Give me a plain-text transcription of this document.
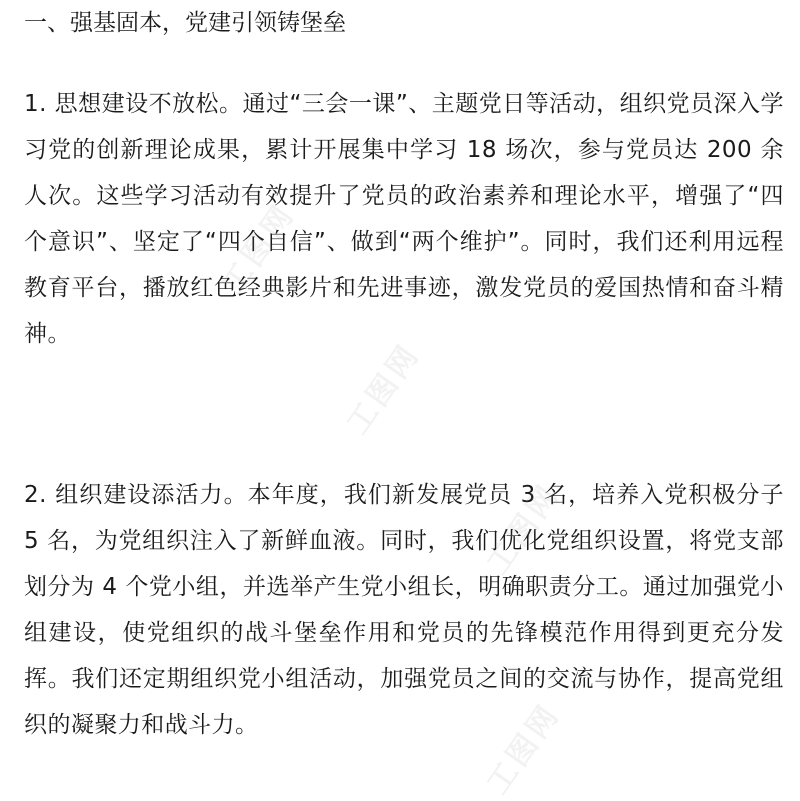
一、强基固本，党建引领铸堡垒

1. 思想建设不放松。通过“三会一课”、主题党日等活动，组织党员深入学习党的创新理论成果，累计开展集中学习 18 场次，参与党员达 200 余人次。这些学习活动有效提升了党员的政治素养和理论水平，增强了“四个意识”、坚定了“四个自信”、做到“两个维护”。同时，我们还利用远程教育平台，播放红色经典影片和先进事迹，激发党员的爱国热情和奋斗精神。

2. 组织建设添活力。本年度，我们新发展党员 3 名，培养入党积极分子 5 名，为党组织注入了新鲜血液。同时，我们优化党组织设置，将党支部划分为 4 个党小组，并选举产生党小组长，明确职责分工。通过加强党小组建设，使党组织的战斗堡垒作用和党员的先锋模范作用得到更充分发挥。我们还定期组织党小组活动，加强党员之间的交流与协作，提高党组织的凝聚力和战斗力。

工图网
工图网
工图网
工图网
